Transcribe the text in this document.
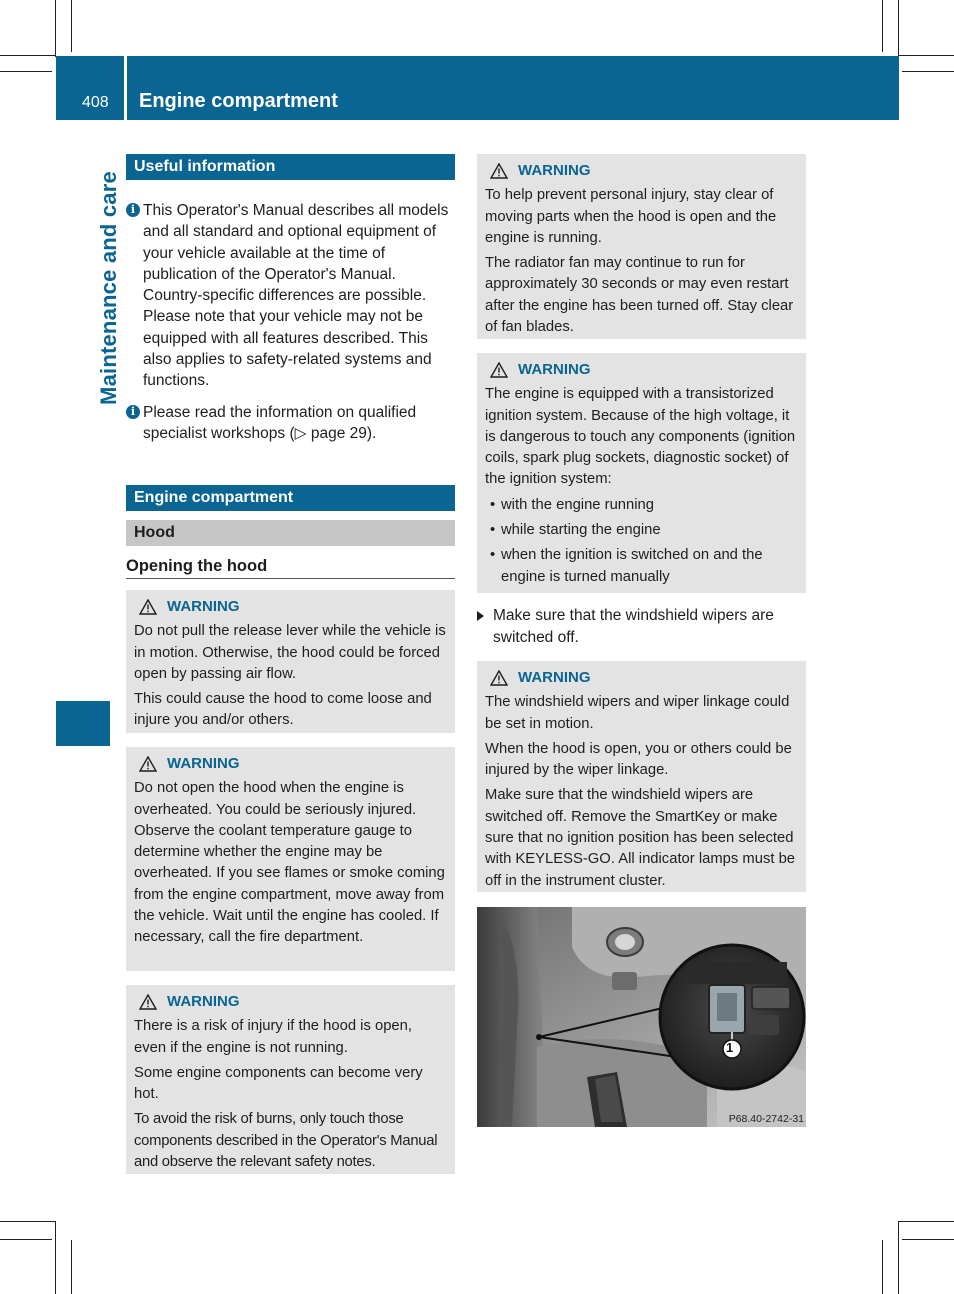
408 Engine compartment
Maintenance and care
Useful information
i This Operator's Manual describes all models and all standard and optional equipment of your vehicle available at the time of publication of the Operator's Manual. Country-specific differences are possible. Please note that your vehicle may not be equipped with all features described. This also applies to safety-related systems and functions.
i Please read the information on qualified specialist workshops (▷ page 29).
Engine compartment
Hood
Opening the hood
WARNING

Do not pull the release lever while the vehicle is in motion. Otherwise, the hood could be forced open by passing air flow.

This could cause the hood to come loose and injure you and/or others.

WARNING

Do not open the hood when the engine is overheated. You could be seriously injured. Observe the coolant temperature gauge to determine whether the engine may be overheated. If you see flames or smoke coming from the engine compartment, move away from the vehicle. Wait until the engine has cooled. If necessary, call the fire department.

WARNING

There is a risk of injury if the hood is open, even if the engine is not running.

Some engine components can become very hot.

To avoid the risk of burns, only touch those components described in the Operator's Manual and observe the relevant safety notes.

WARNING

To help prevent personal injury, stay clear of moving parts when the hood is open and the engine is running.

The radiator fan may continue to run for approximately 30 seconds or may even restart after the engine has been turned off. Stay clear of fan blades.

WARNING

The engine is equipped with a transistorized ignition system. Because of the high voltage, it is dangerous to touch any components (ignition coils, spark plug sockets, diagnostic socket) of the ignition system:

• with the engine running
• while starting the engine
• when the ignition is switched on and the engine is turned manually
Make sure that the windshield wipers are switched off.
WARNING

The windshield wipers and wiper linkage could be set in motion.

When the hood is open, you or others could be injured by the wiper linkage.

Make sure that the windshield wipers are switched off. Remove the SmartKey or make sure that no ignition position has been selected with KEYLESS-GO. All indicator lamps must be off in the instrument cluster.

1
P68.40-2742-31
